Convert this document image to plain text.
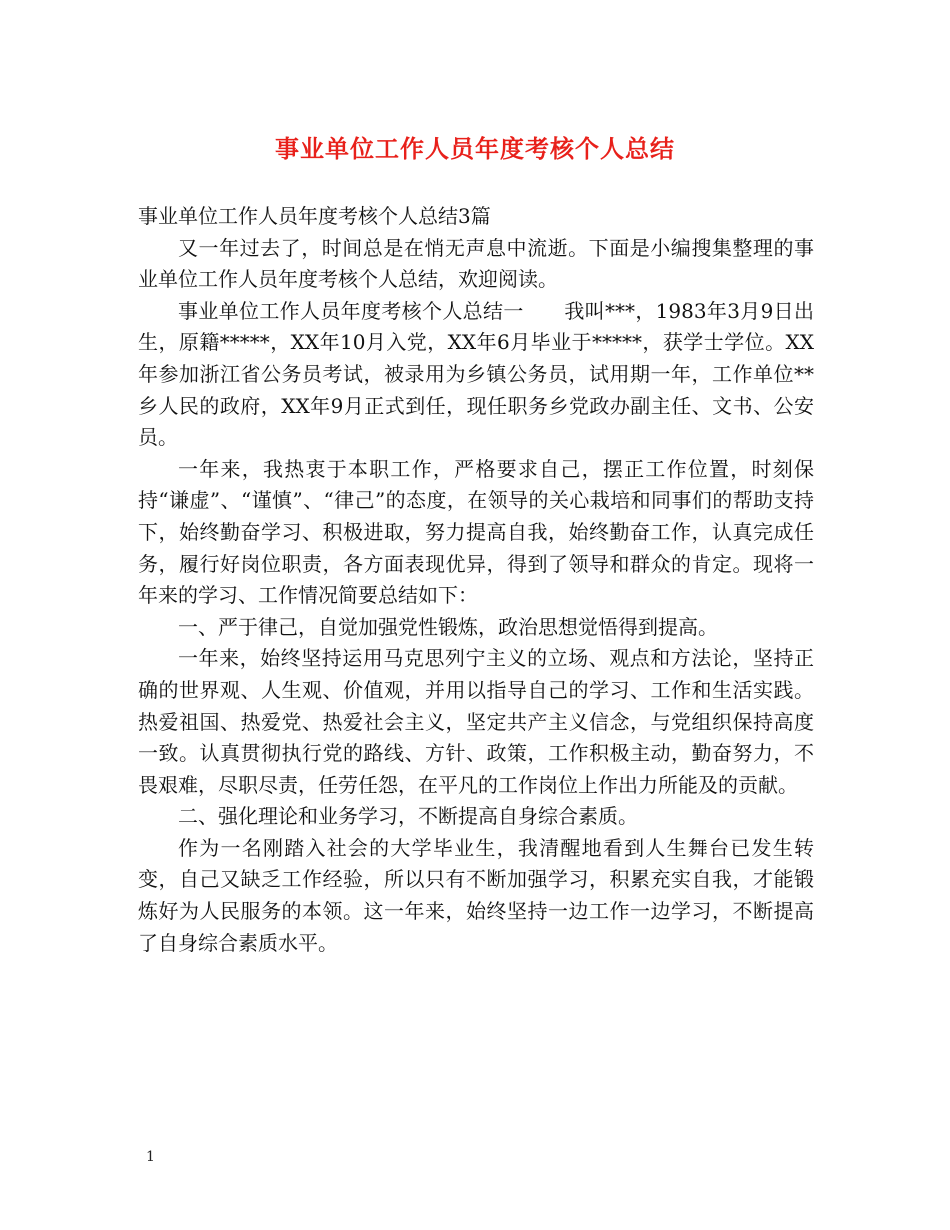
事业单位工作人员年度考核个人总结

事业单位工作人员年度考核个人总结3篇

又一年过去了，时间总是在悄无声息中流逝。下面是小编搜集整理的事业单位工作人员年度考核个人总结，欢迎阅读。

事业单位工作人员年度考核个人总结一　　我叫***，1983年3月9日出生，原籍*****，XX年10月入党，XX年6月毕业于*****，获学士学位。XX年参加浙江省公务员考试，被录用为乡镇公务员，试用期一年，工作单位**乡人民的政府，XX年9月正式到任，现任职务乡党政办副主任、文书、公安员。

一年来，我热衷于本职工作，严格要求自己，摆正工作位置，时刻保持“谦虚”、“谨慎”、“律己”的态度，在领导的关心栽培和同事们的帮助支持下，始终勤奋学习、积极进取，努力提高自我，始终勤奋工作，认真完成任务，履行好岗位职责，各方面表现优异，得到了领导和群众的肯定。现将一年来的学习、工作情况简要总结如下：

一、严于律己，自觉加强党性锻炼，政治思想觉悟得到提高。

一年来，始终坚持运用马克思列宁主义的立场、观点和方法论，坚持正确的世界观、人生观、价值观，并用以指导自己的学习、工作和生活实践。热爱祖国、热爱党、热爱社会主义，坚定共产主义信念，与党组织保持高度一致。认真贯彻执行党的路线、方针、政策，工作积极主动，勤奋努力，不畏艰难，尽职尽责，任劳任怨，在平凡的工作岗位上作出力所能及的贡献。

二、强化理论和业务学习，不断提高自身综合素质。

作为一名刚踏入社会的大学毕业生，我清醒地看到人生舞台已发生转变，自己又缺乏工作经验，所以只有不断加强学习，积累充实自我，才能锻炼好为人民服务的本领。这一年来，始终坚持一边工作一边学习，不断提高了自身综合素质水平。

1
